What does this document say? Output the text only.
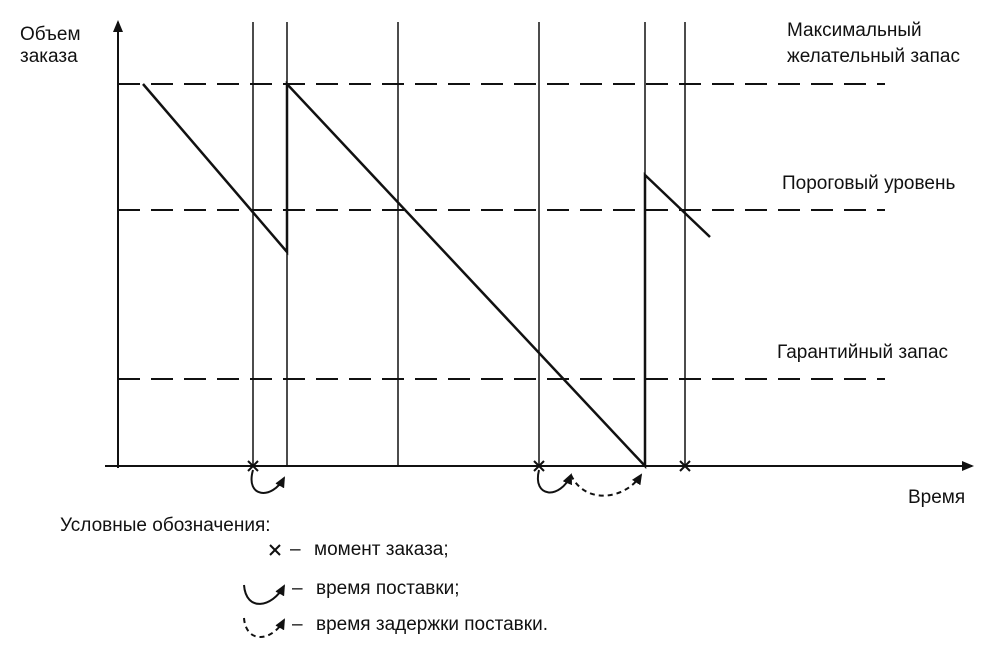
Объем
заказа
Время
Максимальный
желательный запас
Пороговый уровень
Гарантийный запас
Условные обозначения:
– момент заказа;
– время поставки;
– время задержки поставки.
